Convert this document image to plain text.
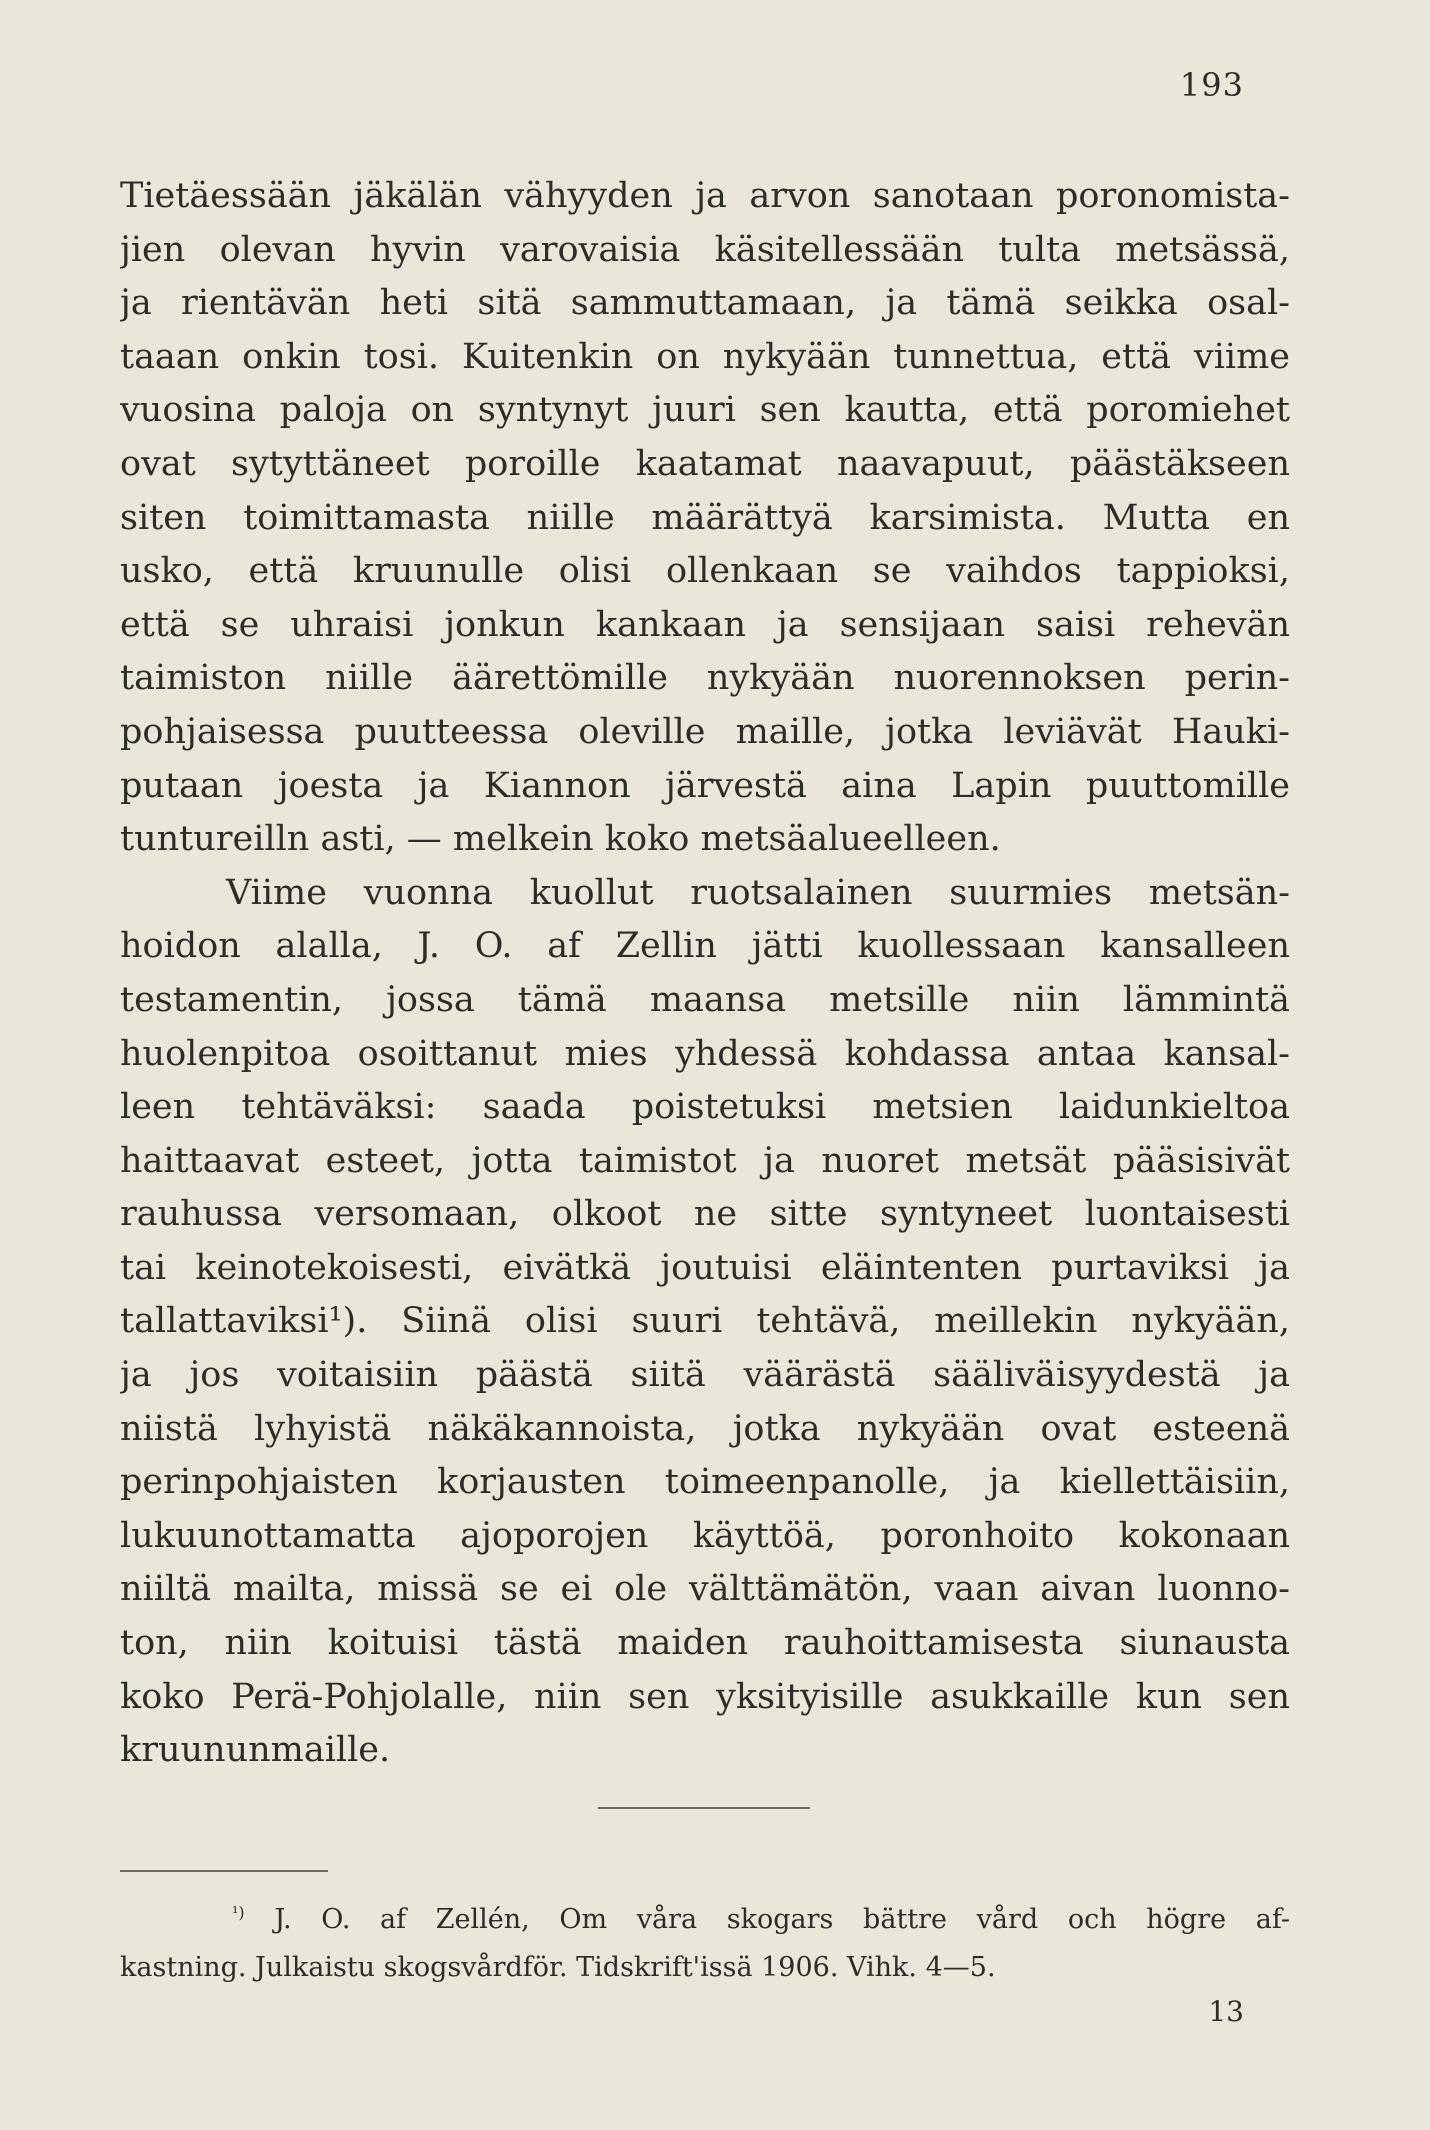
193
Tietäessään jäkälän vähyyden ja arvon sanotaan poronomista-
jien olevan hyvin varovaisia käsitellessään tulta metsässä,
ja rientävän heti sitä sammuttamaan, ja tämä seikka osal-
taaan onkin tosi. Kuitenkin on nykyään tunnettua, että viime
vuosina paloja on syntynyt juuri sen kautta, että poromiehet
ovat sytyttäneet poroille kaatamat naavapuut, päästäkseen
siten toimittamasta niille määrättyä karsimista. Mutta en
usko, että kruunulle olisi ollenkaan se vaihdos tappioksi,
että se uhraisi jonkun kankaan ja sensijaan saisi rehevän
taimiston niille äärettömille nykyään nuorennoksen perin-
pohjaisessa puutteessa oleville maille, jotka leviävät Hauki-
putaan joesta ja Kiannon järvestä aina Lapin puuttomille
tuntureilln asti, — melkein koko metsäalueelleen.
Viime vuonna kuollut ruotsalainen suurmies metsän-
hoidon alalla, J. O. af Zellin jätti kuollessaan kansalleen
testamentin, jossa tämä maansa metsille niin lämmintä
huolenpitoa osoittanut mies yhdessä kohdassa antaa kansal-
leen tehtäväksi: saada poistetuksi metsien laidunkieltoa
haittaavat esteet, jotta taimistot ja nuoret metsät pääsisivät
rauhussa versomaan, olkoot ne sitte syntyneet luontaisesti
tai keinotekoisesti, eivätkä joutuisi eläintenten purtaviksi ja
tallattaviksi¹). Siinä olisi suuri tehtävä, meillekin nykyään,
ja jos voitaisiin päästä siitä väärästä sääliväisyydestä ja
niistä lyhyistä näkäkannoista, jotka nykyään ovat esteenä
perinpohjaisten korjausten toimeenpanolle, ja kiellettäisiin,
lukuunottamatta ajoporojen käyttöä, poronhoito kokonaan
niiltä mailta, missä se ei ole välttämätön, vaan aivan luonno-
ton, niin koituisi tästä maiden rauhoittamisesta siunausta
koko Perä-Pohjolalle, niin sen yksityisille asukkaille kun sen
kruununmaille.
$^{^1)}$ J. O. af Zellén, Om våra skogars bättre vård och högre af-
kastning. Julkaistu skogsvårdför. Tidskrift'issä 1906. Vihk. 4—5.
13
